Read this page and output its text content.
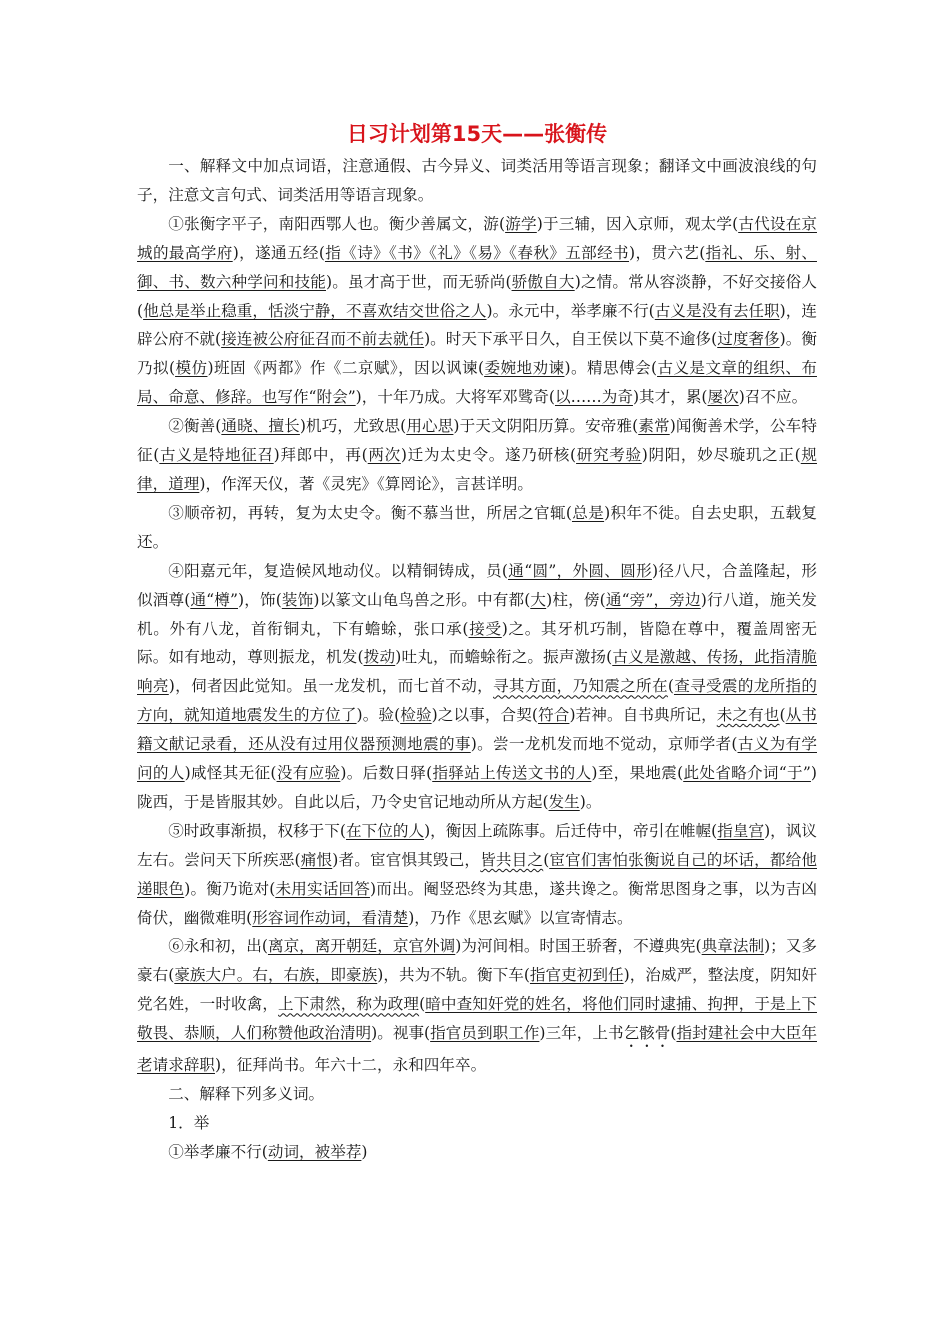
日习计划第15天——张衡传

一、解释文中加点词语，注意通假、古今异义、词类活用等语言现象；翻译文中画波浪线的句子，注意文言句式、词类活用等语言现象。

①张衡字平子，南阳西鄂人也。衡少善属文，游(游学)于三辅，因入京师，观太学(古代设在京城的最高学府)，遂通五经(指《诗》《书》《礼》《易》《春秋》五部经书)，贯六艺(指礼、乐、射、御、书、数六种学问和技能)。虽才高于世，而无骄尚(骄傲自大)之情。常从容淡静，不好交接俗人(他总是举止稳重，恬淡宁静，不喜欢结交世俗之人)。永元中，举孝廉不行(古义是没有去任职)，连辟公府不就(接连被公府征召而不前去就任)。时天下承平日久，自王侯以下莫不逾侈(过度奢侈)。衡乃拟(模仿)班固《两都》作《二京赋》，因以讽谏(委婉地劝谏)。精思傅会(古义是文章的组织、布局、命意、修辞。也写作“附会”)，十年乃成。大将军邓骘奇(以……为奇)其才，累(屡次)召不应。

②衡善(通晓、擅长)机巧，尤致思(用心思)于天文阴阳历算。安帝雅(素常)闻衡善术学，公车特征(古义是特地征召)拜郎中，再(两次)迁为太史令。遂乃研核(研究考验)阴阳，妙尽璇玑之正(规律，道理)，作浑天仪，著《灵宪》《算罔论》，言甚详明。

③顺帝初，再转，复为太史令。衡不慕当世，所居之官辄(总是)积年不徙。自去史职，五载复还。

④阳嘉元年，复造候风地动仪。以精铜铸成，员(通“圆”，外圆、圆形)径八尺，合盖隆起，形似酒尊(通“樽”)，饰(装饰)以篆文山龟鸟兽之形。中有都(大)柱，傍(通“旁”，旁边)行八道，施关发机。外有八龙，首衔铜丸，下有蟾蜍，张口承(接受)之。其牙机巧制，皆隐在尊中，覆盖周密无际。如有地动，尊则振龙，机发(拨动)吐丸，而蟾蜍衔之。振声激扬(古义是激越、传扬，此指清脆响亮)，伺者因此觉知。虽一龙发机，而七首不动，寻其方面，乃知震之所在(查寻受震的龙所指的方向，就知道地震发生的方位了)。验(检验)之以事，合契(符合)若神。自书典所记，未之有也(从书籍文献记录看，还从没有过用仪器预测地震的事)。尝一龙机发而地不觉动，京师学者(古义为有学问的人)咸怪其无征(没有应验)。后数日驿(指驿站上传送文书的人)至，果地震(此处省略介词“于”)陇西，于是皆服其妙。自此以后，乃令史官记地动所从方起(发生)。

⑤时政事渐损，权移于下(在下位的人)，衡因上疏陈事。后迁侍中，帝引在帷幄(指皇宫)，讽议左右。尝问天下所疾恶(痛恨)者。宦官惧其毁己，皆共目之(宦官们害怕张衡说自己的坏话，都给他递眼色)。衡乃诡对(未用实话回答)而出。阉竖恐终为其患，遂共谗之。衡常思图身之事，以为吉凶倚伏，幽微难明(形容词作动词，看清楚)，乃作《思玄赋》以宣寄情志。

⑥永和初，出(离京，离开朝廷，京官外调)为河间相。时国王骄奢，不遵典宪(典章法制)；又多豪右(豪族大户。右，右族，即豪族)，共为不轨。衡下车(指官吏初到任)，治威严，整法度，阴知奸党名姓，一时收禽，上下肃然，称为政理(暗中查知奸党的姓名，将他们同时逮捕、拘押，于是上下敬畏、恭顺，人们称赞他政治清明)。视事(指官员到职工作)三年，上书乞骸骨(指封建社会中大臣年老请求辞职)，征拜尚书。年六十二，永和四年卒。

二、解释下列多义词。

1．举

①举孝廉不行(动词，被举荐)
